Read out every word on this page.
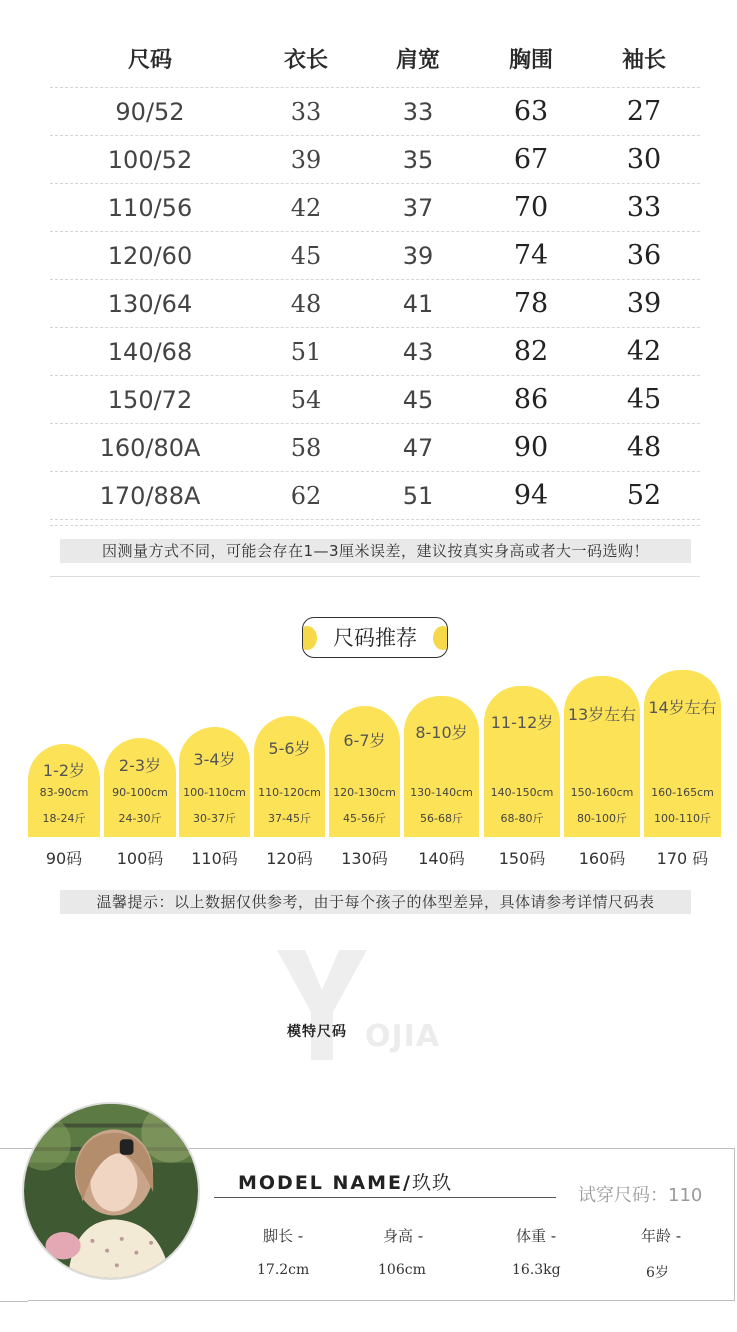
尺码	衣长	肩宽	胸围	袖长
90/52	33	33	63	27
100/52	39	35	67	30
110/56	42	37	70	33
120/60	45	39	74	36
130/64	48	41	78	39
140/68	51	43	82	42
150/72	54	45	86	45
160/80A	58	47	90	48
170/88A	62	51	94	52
因测量方式不同，可能会存在1—3厘米误差，建议按真实身高或者大一码选购！
尺码推荐
1-2岁
83-90cm
18-24斤
90码
2-3岁
90-100cm
24-30斤
100码
3-4岁
100-110cm
30-37斤
110码
5-6岁
110-120cm
37-45斤
120码
6-7岁
120-130cm
45-56斤
130码
8-10岁
130-140cm
56-68斤
140码
11-12岁
140-150cm
68-80斤
150码
13岁左右
150-160cm
80-100斤
160码
14岁左右
160-165cm
100-110斤
170 码
温馨提示：以上数据仅供参考，由于每个孩子的体型差异，具体请参考详情尺码表
OJIA
模特尺码
MODEL NAME/玖玖
试穿尺码：110
脚长 -	身高 -	体重 -	年龄 -
17.2cm	106cm	16.3kg	6岁
